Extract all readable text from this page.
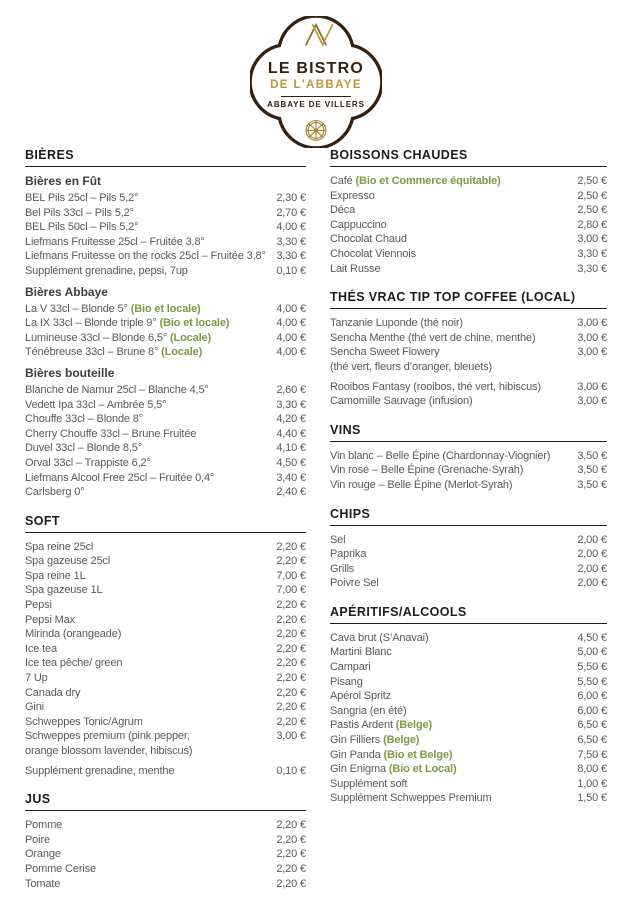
LE BISTRO
DE L'ABBAYE
ABBAYE DE VILLERS
BIÈRES
Bières en Fût
BEL Pils 25cl – Pils 5,2°	2,30 €
Bel Pils 33cl – Pils 5,2°	2,70 €
BEL Pils 50cl – Pils 5,2°	4,00 €
Liefmans Fruitesse 25cl – Fruitée 3,8°	3,30 €
Liefmans Fruitesse on the rocks 25cl – Fruitée 3,8° 3,30 €
Supplément grenadine, pepsi, 7up	0,10 €
Bières Abbaye
La V 33cl – Blonde 5° (Bio et locale)	4,00 €
La IX 33cl – Blonde triple 9° (Bio et locale)	4,00 €
Lumineuse 33cl – Blonde 6,5° (Locale)	4,00 €
Ténébreuse 33cl – Brune 8° (Locale)	4,00 €
Bières bouteille
Blanche de Namur 25cl – Blanche 4,5°	2,60 €
Vedett Ipa 33cl – Ambrée 5,5°	3,30 €
Chouffe 33cl – Blonde 8°	4,20 €
Cherry Chouffe 33cl – Brune Fruitée	4,40 €
Duvel 33cl – Blonde 8,5°	4,10 €
Orval 33cl – Trappiste 6,2°	4,50 €
Liefmans Alcool Free 25cl – Fruitée 0,4°	3,40 €
Carlsberg 0°	2,40 €
SOFT
Spa reine 25cl	2,20 €
Spa gazeuse 25cl	2,20 €
Spa reine 1L	7,00 €
Spa gazeuse 1L	7,00 €
Pepsi	2,20 €
Pepsi Max	2,20 €
Mirinda (orangeade)	2,20 €
Ice tea	2,20 €
Ice tea pêche/ green	2,20 €
7 Up	2,20 €
Canada dry	2,20 €
Gini	2,20 €
Schweppes Tonic/Agrum	2,20 €
Schweppes premium (pink pepper,	3,00 €
orange blossom lavender, hibiscus)
Supplément grenadine, menthe	0,10 €
JUS
Pomme	2,20 €
Poire	2,20 €
Orange	2,20 €
Pomme Cerise	2,20 €
Tomate	2,20 €
BOISSONS CHAUDES
Café (Bio et Commerce équitable)	2,50 €
Expresso	2,50 €
Déca	2,50 €
Cappuccino	2,80 €
Chocolat Chaud	3,00 €
Chocolat Viennois	3,30 €
Lait Russe	3,30 €
THÉS VRAC TIP TOP COFFEE (LOCAL)
Tanzanie Luponde (thé noir)	3,00 €
Sencha Menthe (thé vert de chine, menthe)	3,00 €
Sencha Sweet Flowery	3,00 €
(thé vert, fleurs d’oranger, bleuets)
Rooibos Fantasy (rooibos, thé vert, hibiscus)	3,00 €
Camomille Sauvage (infusion)	3,00 €
VINS
Vin blanc – Belle Épine (Chardonnay-Viognier) 3,50 €
Vin rosé – Belle Épine (Grenache-Syrah)	3,50 €
Vin rouge – Belle Épine (Merlot-Syrah)	3,50 €
CHIPS
Sel	2,00 €
Paprika	2,00 €
Grills	2,00 €
Poivre Sel	2,00 €
APÉRITIFS/ALCOOLS
Cava brut (S’Anavai)	4,50 €
Martini Blanc	5,00 €
Campari	5,50 €
Pisang	5,50 €
Apérol Spritz	6,00 €
Sangria (en été)	6,00 €
Pastis Ardent (Belge)	6,50 €
Gin Filliers (Belge)	6,50 €
Gin Panda (Bio et Belge)	7,50 €
Gin Enigma (Bio et Local)	8,00 €
Supplément soft	1,00 €
Supplément Schweppes Premium	1,50 €
